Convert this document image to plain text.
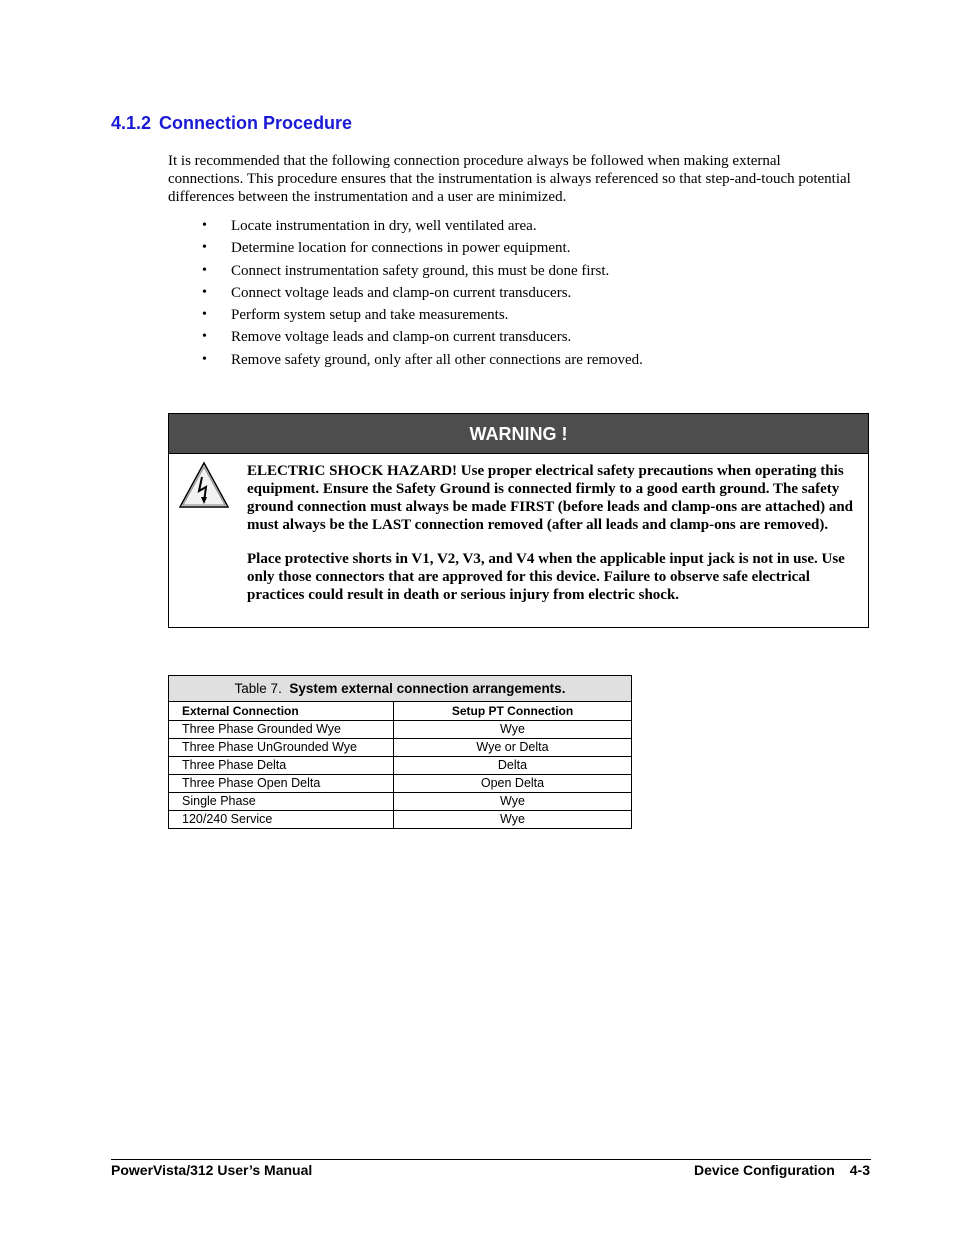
4.1.2 Connection Procedure
It is recommended that the following connection procedure always be followed when making external connections. This procedure ensures that the instrumentation is always referenced so that step-and-touch potential differences between the instrumentation and a user are minimized.
• Locate instrumentation in dry, well ventilated area.
• Determine location for connections in power equipment.
• Connect instrumentation safety ground, this must be done first.
• Connect voltage leads and clamp-on current transducers.
• Perform system setup and take measurements.
• Remove voltage leads and clamp-on current transducers.
• Remove safety ground, only after all other connections are removed.
WARNING !

ELECTRIC SHOCK HAZARD! Use proper electrical safety precautions when operating this equipment. Ensure the Safety Ground is connected firmly to a good earth ground. The safety ground connection must always be made FIRST (before leads and clamp-ons are attached) and must always be the LAST connection removed (after all leads and clamp-ons are removed).

Place protective shorts in V1, V2, V3, and V4 when the applicable input jack is not in use. Use only those connectors that are approved for this device. Failure to observe safe electrical practices could result in death or serious injury from electric shock.

Table 7. System external connection arrangements.	
External Connection	Setup PT Connection
Three Phase Grounded Wye	Wye
Three Phase UnGrounded Wye	Wye or Delta
Three Phase Delta	Delta
Three Phase Open Delta	Open Delta
Single Phase	Wye
120/240 Service	Wye
PowerVista/312 User’s Manual	Device Configuration 4-3
